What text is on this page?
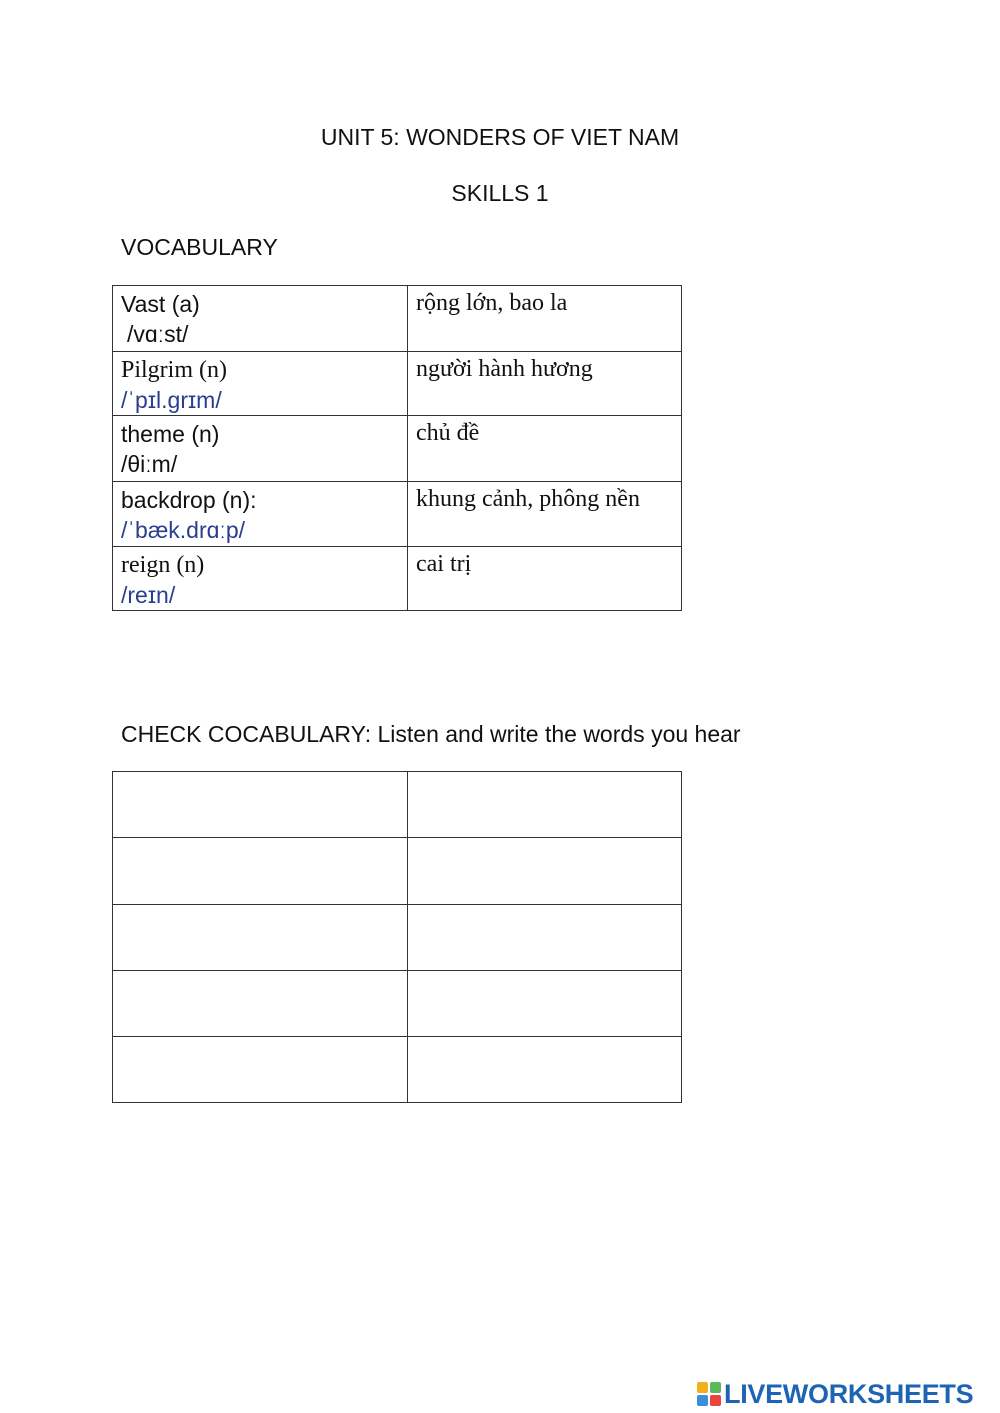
UNIT 5: WONDERS OF VIET NAM
SKILLS 1
VOCABULARY
Vast (a)
/vɑːst/	rộng lớn, bao la

Pilgrim (n)
/ˈpɪl.ɡrɪm/	người hành hương

theme (n)
/θiːm/	chủ đề

backdrop (n):
/ˈbæk.drɑːp/	khung cảnh, phông nền

reign (n)
/reɪn/	cai trị
CHECK COCABULARY: Listen and write the words you hear

LIVEWORKSHEETS
